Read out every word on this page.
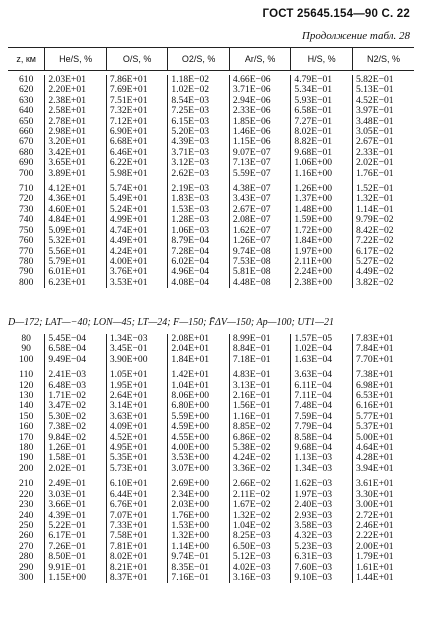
ГОСТ 25645.154—90 С. 22
Продолжение табл. 28
z, км	He/S, %	O/S, %	O2/S, %	Ar/S, %	H/S, %	N2/S, %
610	2.03E+01	7.86E+01	1.18E−02	4.66E−06	4.79E−01	5.82E−01
620	2.20E+01	7.69E+01	1.02E−02	3.71E−06	5.34E−01	5.13E−01
630	2.38E+01	7.51E+01	8.54E−03	2.94E−06	5.93E−01	4.52E−01
640	2.58E+01	7.32E+01	7.25E−03	2.33E−06	6.58E−01	3.97E−01
650	2.78E+01	7.12E+01	6.15E−03	1.85E−06	7.27E−01	3.48E−01
660	2.98E+01	6.90E+01	5.20E−03	1.46E−06	8.02E−01	3.05E−01
670	3.20E+01	6.68E+01	4.39E−03	1.15E−06	8.82E−01	2.67E−01
680	3.42E+01	6.46E+01	3.71E−03	9.07E−07	9.68E−01	2.33E−01
690	3.65E+01	6.22E+01	3.12E−03	7.13E−07	1.06E+00	2.02E−01
700	3.89E+01	5.98E+01	2.62E−03	5.59E−07	1.16E+00	1.76E−01

710	4.12E+01	5.74E+01	2.19E−03	4.38E−07	1.26E+00	1.52E−01
720	4.36E+01	5.49E+01	1.83E−03	3.43E−07	1.37E+00	1.32E−01
730	4.60E+01	5.24E+01	1.53E−03	2.67E−07	1.48E+00	1.14E−01
740	4.84E+01	4.99E+01	1.28E−03	2.08E−07	1.59E+00	9.79E−02
750	5.09E+01	4.74E+01	1.06E−03	1.62E−07	1.72E+00	8.42E−02
760	5.32E+01	4.49E+01	8.79E−04	1.26E−07	1.84E+00	7.22E−02
770	5.56E+01	4.24E+01	7.28E−04	9.74E−08	1.97E+00	6.17E−02
780	5.79E+01	4.00E+01	6.02E−04	7.53E−08	2.11E+00	5.27E−02
790	6.01E+01	3.76E+01	4.96E−04	5.81E−08	2.24E+00	4.49E−02
800	6.23E+01	3.53E+01	4.08E−04	4.48E−08	2.38E+00	3.82E−02
D—172; LAT—−40; LON—45; LT—24; F—150; F̄ΔV—150; Ap—100; UT1—21
80	5.45E−04	1.34E−03	2.08E+01	8.99E−01	1.57E−05	7.83E+01
90	6.58E−04	3.45E−01	2.04E+01	8.84E−01	1.02E−04	7.84E+01
100	9.49E−04	3.90E+00	1.84E+01	7.18E−01	1.63E−04	7.70E+01

110	2.41E−03	1.05E+01	1.42E+01	4.83E−01	3.63E−04	7.38E+01
120	6.48E−03	1.95E+01	1.04E+01	3.13E−01	6.11E−04	6.98E+01
130	1.71E−02	2.64E+01	8.06E+00	2.16E−01	7.11E−04	6.53E+01
140	3.47E−02	3.14E+01	6.80E+00	1.56E−01	7.48E−04	6.16E+01
150	5.30E−02	3.63E+01	5.59E+00	1.16E−01	7.59E−04	5.77E+01
160	7.38E−02	4.09E+01	4.59E+00	8.85E−02	7.79E−04	5.37E+01
170	9.84E−02	4.52E+01	4.55E+00	6.86E−02	8.58E−04	5.00E+01
180	1.26E−01	4.95E+01	4.00E+00	5.38E−02	9.68E−04	4.64E+01
190	1.58E−01	5.35E+01	3.53E+00	4.24E−02	1.13E−03	4.28E+01
200	2.02E−01	5.73E+01	3.07E+00	3.36E−02	1.34E−03	3.94E+01

210	2.49E−01	6.10E+01	2.69E+00	2.66E−02	1.62E−03	3.61E+01
220	3.03E−01	6.44E+01	2.34E+00	2.11E−02	1.97E−03	3.30E+01
230	3.66E−01	6.76E+01	2.03E+00	1.67E−02	2.40E−03	3.00E+01
240	4.39E−01	7.07E+01	1.76E+00	1.32E−02	2.93E−03	2.72E+01
250	5.22E−01	7.33E+01	1.53E+00	1.04E−02	3.58E−03	2.46E+01
260	6.17E−01	7.58E+01	1.32E+00	8.25E−03	4.32E−03	2.22E+01
270	7.26E−01	7.81E+01	1.14E+00	6.50E−03	5.23E−03	2.00E+01
280	8.50E−01	8.02E+01	9.74E−01	5.12E−03	6.31E−03	1.79E+01
290	9.91E−01	8.21E+01	8.35E−01	4.02E−03	7.60E−03	1.61E+01
300	1.15E+00	8.37E+01	7.16E−01	3.16E−03	9.10E−03	1.44E+01
